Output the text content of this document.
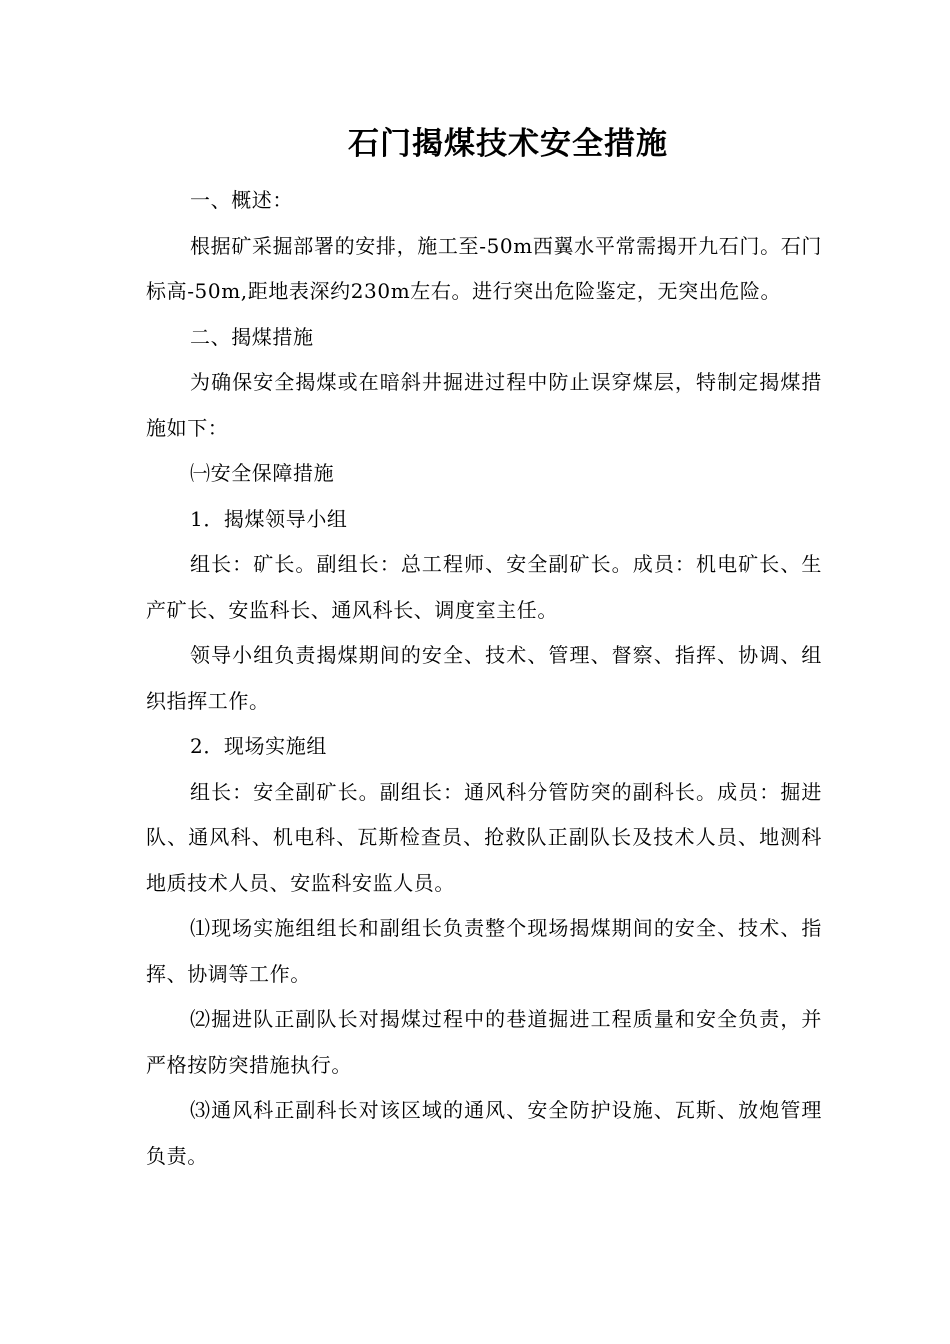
石门揭煤技术安全措施

一、概述：

根据矿采掘部署的安排，施工至-50m西翼水平常需揭开九石门。石门标高-50m,距地表深约230m左右。进行突出危险鉴定，无突出危险。

二、揭煤措施

为确保安全揭煤或在暗斜井掘进过程中防止误穿煤层，特制定揭煤措施如下：

㈠安全保障措施

1．揭煤领导小组

组长：矿长。副组长：总工程师、安全副矿长。成员：机电矿长、生产矿长、安监科长、通风科长、调度室主任。

领导小组负责揭煤期间的安全、技术、管理、督察、指挥、协调、组织指挥工作。

2．现场实施组

组长：安全副矿长。副组长：通风科分管防突的副科长。成员：掘进队、通风科、机电科、瓦斯检查员、抢救队正副队长及技术人员、地测科地质技术人员、安监科安监人员。

⑴现场实施组组长和副组长负责整个现场揭煤期间的安全、技术、指挥、协调等工作。

⑵掘进队正副队长对揭煤过程中的巷道掘进工程质量和安全负责，并严格按防突措施执行。

⑶通风科正副科长对该区域的通风、安全防护设施、瓦斯、放炮管理负责。
